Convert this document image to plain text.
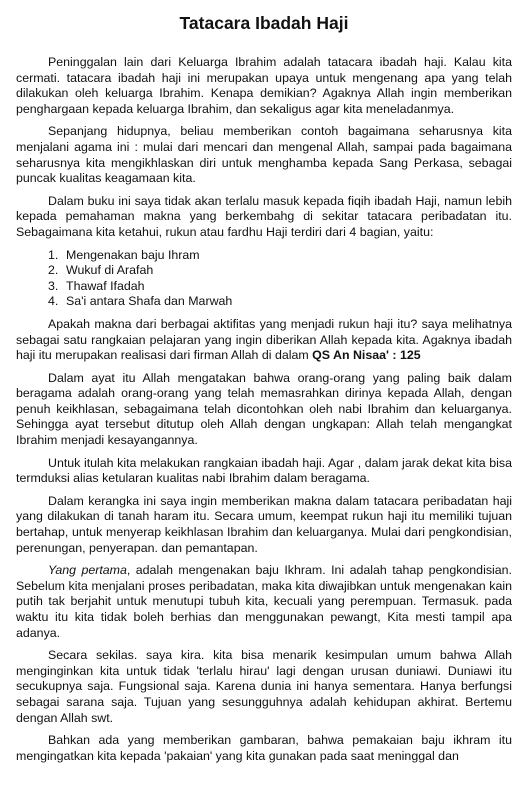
Tatacara Ibadah Haji

Peninggalan lain dari Keluarga Ibrahim adalah tatacara ibadah haji. Kalau kita cermati. tatacara ibadah haji ini merupakan upaya untuk mengenang apa yang telah dilakukan oleh keluarga Ibrahim. Kenapa demikian? Agaknya Allah ingin memberikan penghargaan kepada keluarga Ibrahim, dan sekaligus agar kita meneladanmya.

Sepanjang hidupnya, beliau memberikan contoh bagaimana seharusnya kita menjalani agama ini : mulai dari mencari dan mengenal Allah, sampai pada bagaimana seharusnya kita mengikhlaskan diri untuk menghamba kepada Sang Perkasa, sebagai puncak kualitas keagamaan kita.

Dalam buku ini saya tidak akan terlalu masuk kepada fiqih ibadah Haji, namun lebih kepada pemahaman makna yang berkembahg di sekitar tatacara peribadatan itu. Sebagaimana kita ketahui, rukun atau fardhu Haji terdiri dari 4 bagian, yaitu:

1. Mengenakan baju Ihram
2. Wukuf di Arafah
3. Thawaf Ifadah
4. Sa'i antara Shafa dan Marwah

Apakah makna dari berbagai aktifitas yang menjadi rukun haji itu? saya melihatnya sebagai satu rangkaian pelajaran yang ingin diberikan Allah kepada kita. Agaknya ibadah haji itu merupakan realisasi dari firman Allah di dalam QS An Nisaa' : 125

Dalam ayat itu Allah mengatakan bahwa orang-orang yang paling baik dalam beragama adalah orang-orang yang telah memasrahkan dirinya kepada Allah, dengan penuh keikhlasan, sebagaimana telah dicontohkan oleh nabi Ibrahim dan keluarganya. Sehingga ayat tersebut ditutup oleh Allah dengan ungkapan: Allah telah mengangkat Ibrahim menjadi kesayangannya.

Untuk itulah kita melakukan rangkaian ibadah haji. Agar , dalam jarak dekat kita bisa termduksi alias ketularan kualitas nabi Ibrahim dalam beragama.

Dalam kerangka ini saya ingin memberikan makna dalam tatacara peribadatan haji yang dilakukan di tanah haram itu. Secara umum, keempat rukun haji itu memiliki tujuan bertahap, untuk menyerap keikhlasan Ibrahim dan keluarganya. Mulai dari pengkondisian, perenungan, penyerapan. dan pemantapan.

Yang pertama, adalah mengenakan baju Ikhram. Ini adalah tahap pengkondisian. Sebelum kita menjalani proses peribadatan, maka kita diwajibkan untuk mengenakan kain putih tak berjahit untuk menutupi tubuh kita, kecuali yang perempuan. Termasuk. pada waktu itu kita tidak boleh berhias dan menggunakan pewangt, Kita mesti tampil apa adanya.

Secara sekilas. saya kira. kita bisa menarik kesimpulan umum bahwa Allah menginginkan kita untuk tidak 'terlalu hirau' lagi dengan urusan duniawi. Duniawi itu secukupnya saja. Fungsional saja. Karena dunia ini hanya sementara. Hanya berfungsi sebagai sarana saja. Tujuan yang sesungguhnya adalah kehidupan akhirat. Bertemu dengan Allah swt.

Bahkan ada yang memberikan gambaran, bahwa pemakaian baju ikhram itu mengingatkan kita kepada 'pakaian' yang kita gunakan pada saat meninggal dan
